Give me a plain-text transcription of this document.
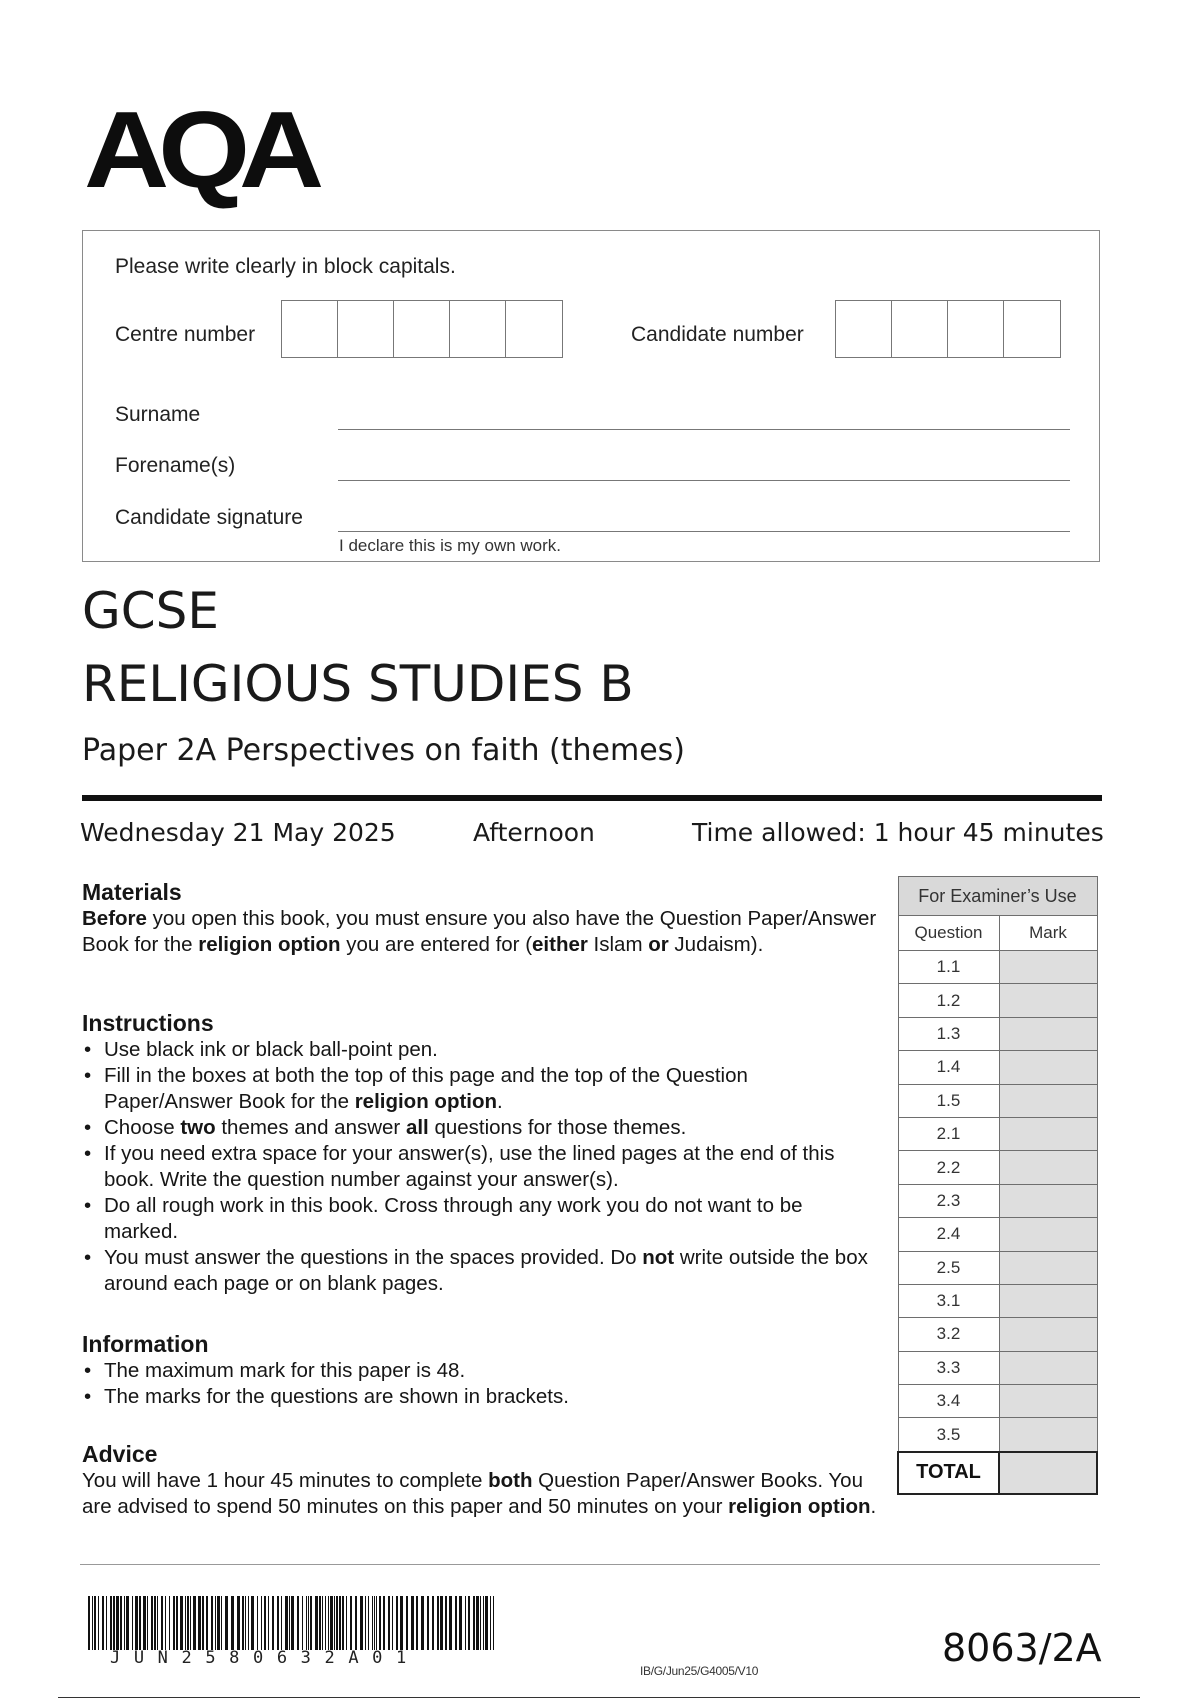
AQA
Please write clearly in block capitals.
Centre number	Candidate number
Surname
Forename(s)
Candidate signature
I declare this is my own work.
GCSE
RELIGIOUS STUDIES B
Paper 2A Perspectives on faith (themes)
Wednesday 21 May 2025	Afternoon	Time allowed: 1 hour 45 minutes
Materials

Before you open this book, you must ensure you also have the Question Paper/Answer Book for the religion option you are entered for (either Islam or Judaism).

Instructions
• Use black ink or black ball-point pen.
• Fill in the boxes at both the top of this page and the top of the Question Paper/Answer Book for the religion option.
• Choose two themes and answer all questions for those themes.
• If you need extra space for your answer(s), use the lined pages at the end of this book. Write the question number against your answer(s).
• Do all rough work in this book. Cross through any work you do not want to be marked.
• You must answer the questions in the spaces provided. Do not write outside the box around each page or on blank pages.
Information
• The maximum mark for this paper is 48.
• The marks for the questions are shown in brackets.
Advice

You will have 1 hour 45 minutes to complete both Question Paper/Answer Books. You are advised to spend 50 minutes on this paper and 50 minutes on your religion option.

For Examiner’s Use	
Question	Mark
1.1	
1.2	
1.3	
1.4	
1.5	
2.1	
2.2	
2.3	
2.4	
2.5	
3.1	
3.2	
3.3	
3.4	
3.5	
TOTAL	
JUN2580632A01
IB/G/Jun25/G4005/V10
8063/2A
